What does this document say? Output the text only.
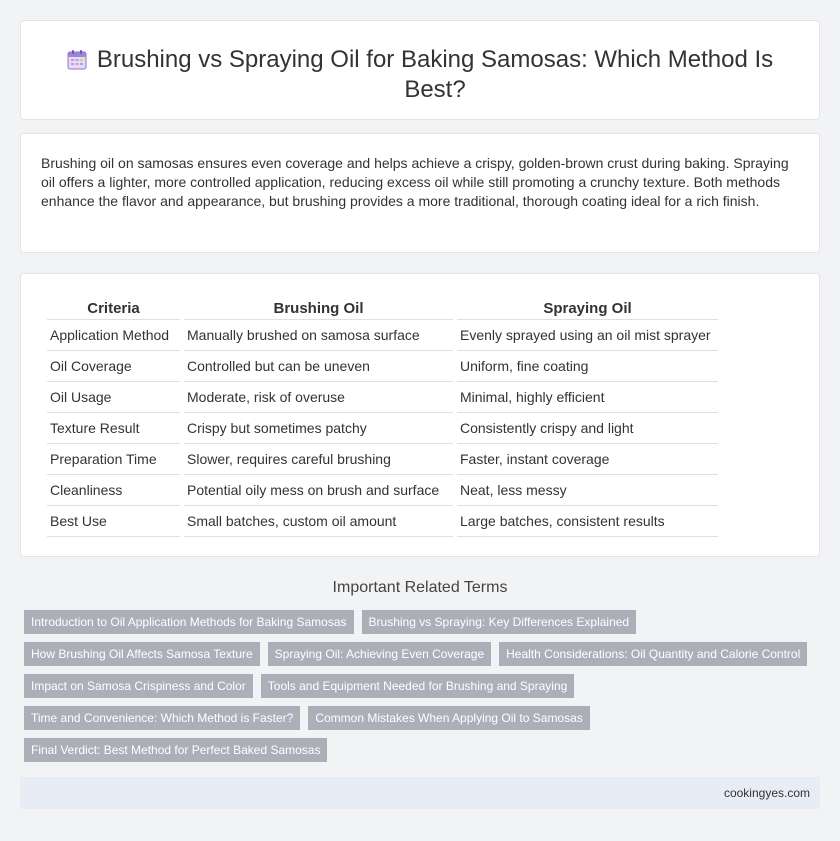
Brushing vs Spraying Oil for Baking Samosas: Which Method Is Best?

Brushing oil on samosas ensures even coverage and helps achieve a crispy, golden-brown crust during baking. Spraying oil offers a lighter, more controlled application, reducing excess oil while still promoting a crunchy texture. Both methods enhance the flavor and appearance, but brushing provides a more traditional, thorough coating ideal for a rich finish.

Criteria	Brushing Oil	Spraying Oil
Application Method	Manually brushed on samosa surface	Evenly sprayed using an oil mist sprayer
Oil Coverage	Controlled but can be uneven	Uniform, fine coating
Oil Usage	Moderate, risk of overuse	Minimal, highly efficient
Texture Result	Crispy but sometimes patchy	Consistently crispy and light
Preparation Time	Slower, requires careful brushing	Faster, instant coverage
Cleanliness	Potential oily mess on brush and surface	Neat, less messy
Best Use	Small batches, custom oil amount	Large batches, consistent results
Important Related Terms
Introduction to Oil Application Methods for Baking Samosas	Brushing vs Spraying: Key Differences Explained
How Brushing Oil Affects Samosa Texture	Spraying Oil: Achieving Even Coverage	Health Considerations: Oil Quantity and Calorie Control
Impact on Samosa Crispiness and Color	Tools and Equipment Needed for Brushing and Spraying
Time and Convenience: Which Method is Faster?	Common Mistakes When Applying Oil to Samosas
Final Verdict: Best Method for Perfect Baked Samosas
cookingyes.com
